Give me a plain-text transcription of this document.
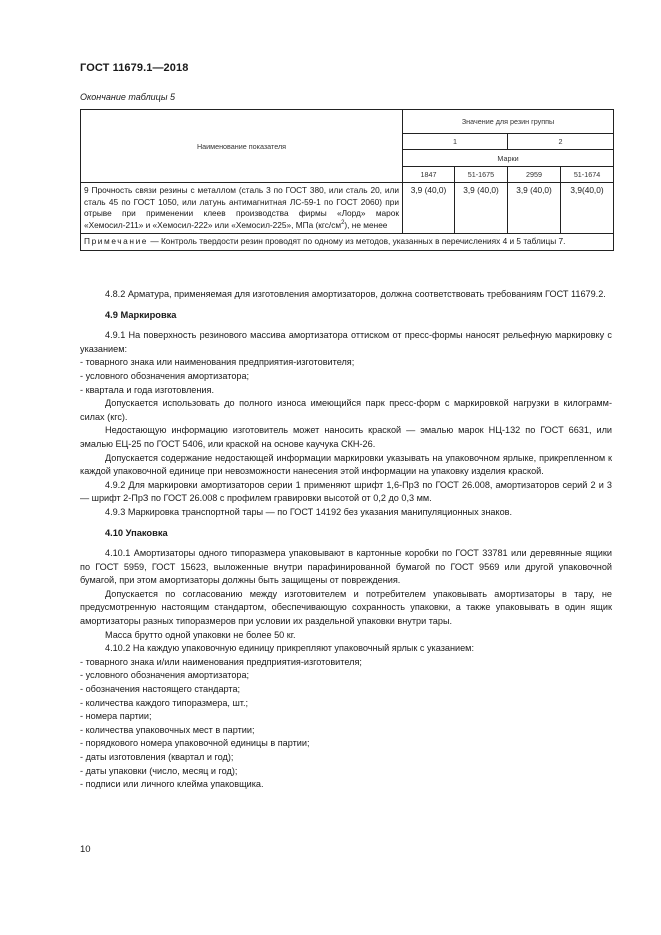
ГОСТ 11679.1—2018
Окончание таблицы 5
Наименование показателя	Значение для резин группы			
	1		2	
	Марки			
	1847	51-1675	2959	51-1674
9 Прочность связи резины с металлом (сталь 3 по ГОСТ 380, или сталь 20, или сталь 45 по ГОСТ 1050, или латунь антимагнитная ЛС-59-1 по ГОСТ 2060) при отрыве при применении клеев производства фирмы «Лорд» марок «Хемосил-211» и «Хемосил-222» или «Хемосил-225», МПа $(кгс/см^2)$, не менее	3,9 (40,0)	3,9 (40,0)	3,9 (40,0)	3,9(40,0)
Примечание — Контроль твердости резин проводят по одному из методов, указанных в перечислениях 4 и 5 таблицы 7.				

4.8.2 Арматура, применяемая для изготовления амортизаторов, должна соответствовать требованиям ГОСТ 11679.2.

4.9 Маркировка

4.9.1 На поверхность резинового массива амортизатора оттиском от пресс-формы наносят рельефную маркировку с указанием:

- товарного знака или наименования предприятия-изготовителя;

- условного обозначения амортизатора;

- квартала и года изготовления.

Допускается использовать до полного износа имеющийся парк пресс-форм с маркировкой нагрузки в килограмм-силах (кгс).

Недостающую информацию изготовитель может наносить краской — эмалью марок НЦ-132 по ГОСТ 6631, или эмалью ЕЦ-25 по ГОСТ 5406, или краской на основе каучука СКН-26.

Допускается содержание недостающей информации маркировки указывать на упаковочном ярлыке, прикрепленном к каждой упаковочной единице при невозможности нанесения этой информации на упаковку изделия краской.

4.9.2 Для маркировки амортизаторов серии 1 применяют шрифт 1,6-ПрЗ по ГОСТ 26.008, амортизаторов серий 2 и 3 — шрифт 2-ПрЗ по ГОСТ 26.008 с профилем гравировки высотой от 0,2 до 0,3 мм.

4.9.3 Маркировка транспортной тары — по ГОСТ 14192 без указания манипуляционных знаков.

4.10 Упаковка

4.10.1 Амортизаторы одного типоразмера упаковывают в картонные коробки по ГОСТ 33781 или деревянные ящики по ГОСТ 5959, ГОСТ 15623, выложенные внутри парафинированной бумагой по ГОСТ 9569 или другой упаковочной бумагой, при этом амортизаторы должны быть защищены от повреждения.

Допускается по согласованию между изготовителем и потребителем упаковывать амортизаторы в тару, не предусмотренную настоящим стандартом, обеспечивающую сохранность упаковки, а также упаковывать в один ящик амортизаторы разных типоразмеров при условии их раздельной упаковки внутри тары.

Масса брутто одной упаковки не более 50 кг.

4.10.2 На каждую упаковочную единицу прикрепляют упаковочный ярлык с указанием:

- товарного знака и/или наименования предприятия-изготовителя;

- условного обозначения амортизатора;

- обозначения настоящего стандарта;

- количества каждого типоразмера, шт.;

- номера партии;

- количества упаковочных мест в партии;

- порядкового номера упаковочной единицы в партии;

- даты изготовления (квартал и год);

- даты упаковки (число, месяц и год);

- подписи или личного клейма упаковщика.

10
